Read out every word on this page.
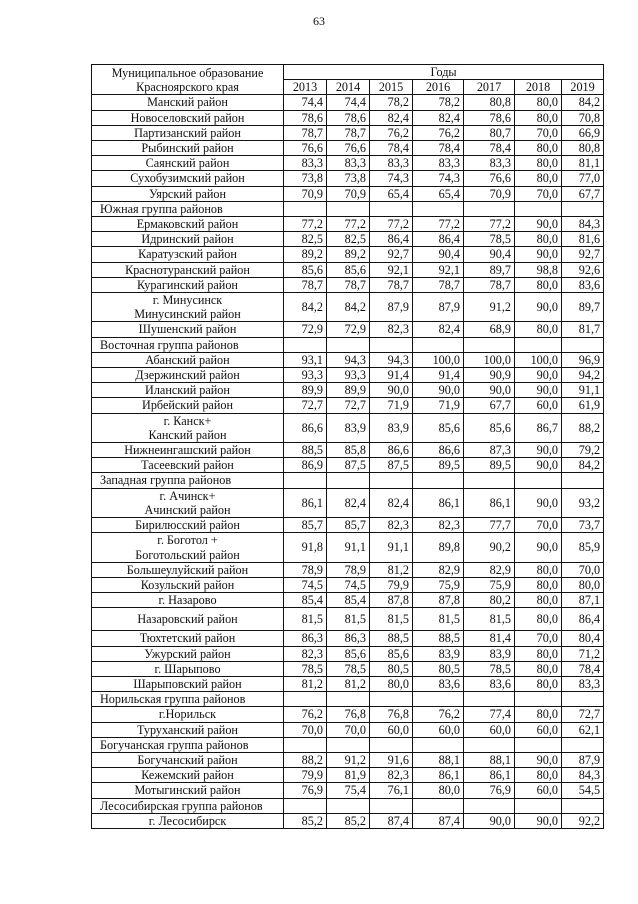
63
Муниципальное образование
Красноярского края	Годы						
	2013	2014	2015	2016	2017	2018	2019

Манский район	74,4	74,4	78,2	78,2	80,8	80,0	84,2

Новоселовский район	78,6	78,6	82,4	82,4	78,6	80,0	70,8

Партизанский район	78,7	78,7	76,2	76,2	80,7	70,0	66,9

Рыбинский район	76,6	76,6	78,4	78,4	78,4	80,0	80,8

Саянский район	83,3	83,3	83,3	83,3	83,3	80,0	81,1

Сухобузимский район	73,8	73,8	74,3	74,3	76,6	80,0	77,0

Уярский район	70,9	70,9	65,4	65,4	70,9	70,0	67,7
Южная группа районов							

Ермаковский район	77,2	77,2	77,2	77,2	77,2	90,0	84,3

Идринский район	82,5	82,5	86,4	86,4	78,5	80,0	81,6

Каратузский район	89,2	89,2	92,7	90,4	90,4	90,0	92,7

Краснотуранский район	85,6	85,6	92,1	92,1	89,7	98,8	92,6

Курагинский район	78,7	78,7	78,7	78,7	78,7	80,0	83,6

г. Минусинск
Минусинский район	84,2	84,2	87,9	87,9	91,2	90,0	89,7

Шушенский район	72,9	72,9	82,3	82,4	68,9	80,0	81,7
Восточная группа районов							

Абанский район	93,1	94,3	94,3	100,0	100,0	100,0	96,9

Дзержинский район	93,3	93,3	91,4	91,4	90,9	90,0	94,2

Иланский район	89,9	89,9	90,0	90,0	90,0	90,0	91,1

Ирбейский район	72,7	72,7	71,9	71,9	67,7	60,0	61,9

г. Канск+
Канский район	86,6	83,9	83,9	85,6	85,6	86,7	88,2

Нижнеингашский район	88,5	85,8	86,6	86,6	87,3	90,0	79,2

Тасеевский район	86,9	87,5	87,5	89,5	89,5	90,0	84,2
Западная группа районов							

г. Ачинск+
Ачинский район	86,1	82,4	82,4	86,1	86,1	90,0	93,2

Бирилюсский район	85,7	85,7	82,3	82,3	77,7	70,0	73,7

г. Боготол +
Боготольский район	91,8	91,1	91,1	89,8	90,2	90,0	85,9

Большеулуйский район	78,9	78,9	81,2	82,9	82,9	80,0	70,0

Козульский район	74,5	74,5	79,9	75,9	75,9	80,0	80,0

г. Назарово	85,4	85,4	87,8	87,8	80,2	80,0	87,1

Назаровский район	81,5	81,5	81,5	81,5	81,5	80,0	86,4

Тюхтетский район	86,3	86,3	88,5	88,5	81,4	70,0	80,4

Ужурский район	82,3	85,6	85,6	83,9	83,9	80,0	71,2

г. Шарыпово	78,5	78,5	80,5	80,5	78,5	80,0	78,4

Шарыповский район	81,2	81,2	80,0	83,6	83,6	80,0	83,3
Норильская группа районов							

г.Норильск	76,2	76,8	76,8	76,2	77,4	80,0	72,7

Туруханский район	70,0	70,0	60,0	60,0	60,0	60,0	62,1
Богучанская группа районов							

Богучанский район	88,2	91,2	91,6	88,1	88,1	90,0	87,9

Кежемский район	79,9	81,9	82,3	86,1	86,1	80,0	84,3

Мотыгинский район	76,9	75,4	76,1	80,0	76,9	60,0	54,5
Лесосибирская группа районов							

г. Лесосибирск	85,2	85,2	87,4	87,4	90,0	90,0	92,2
